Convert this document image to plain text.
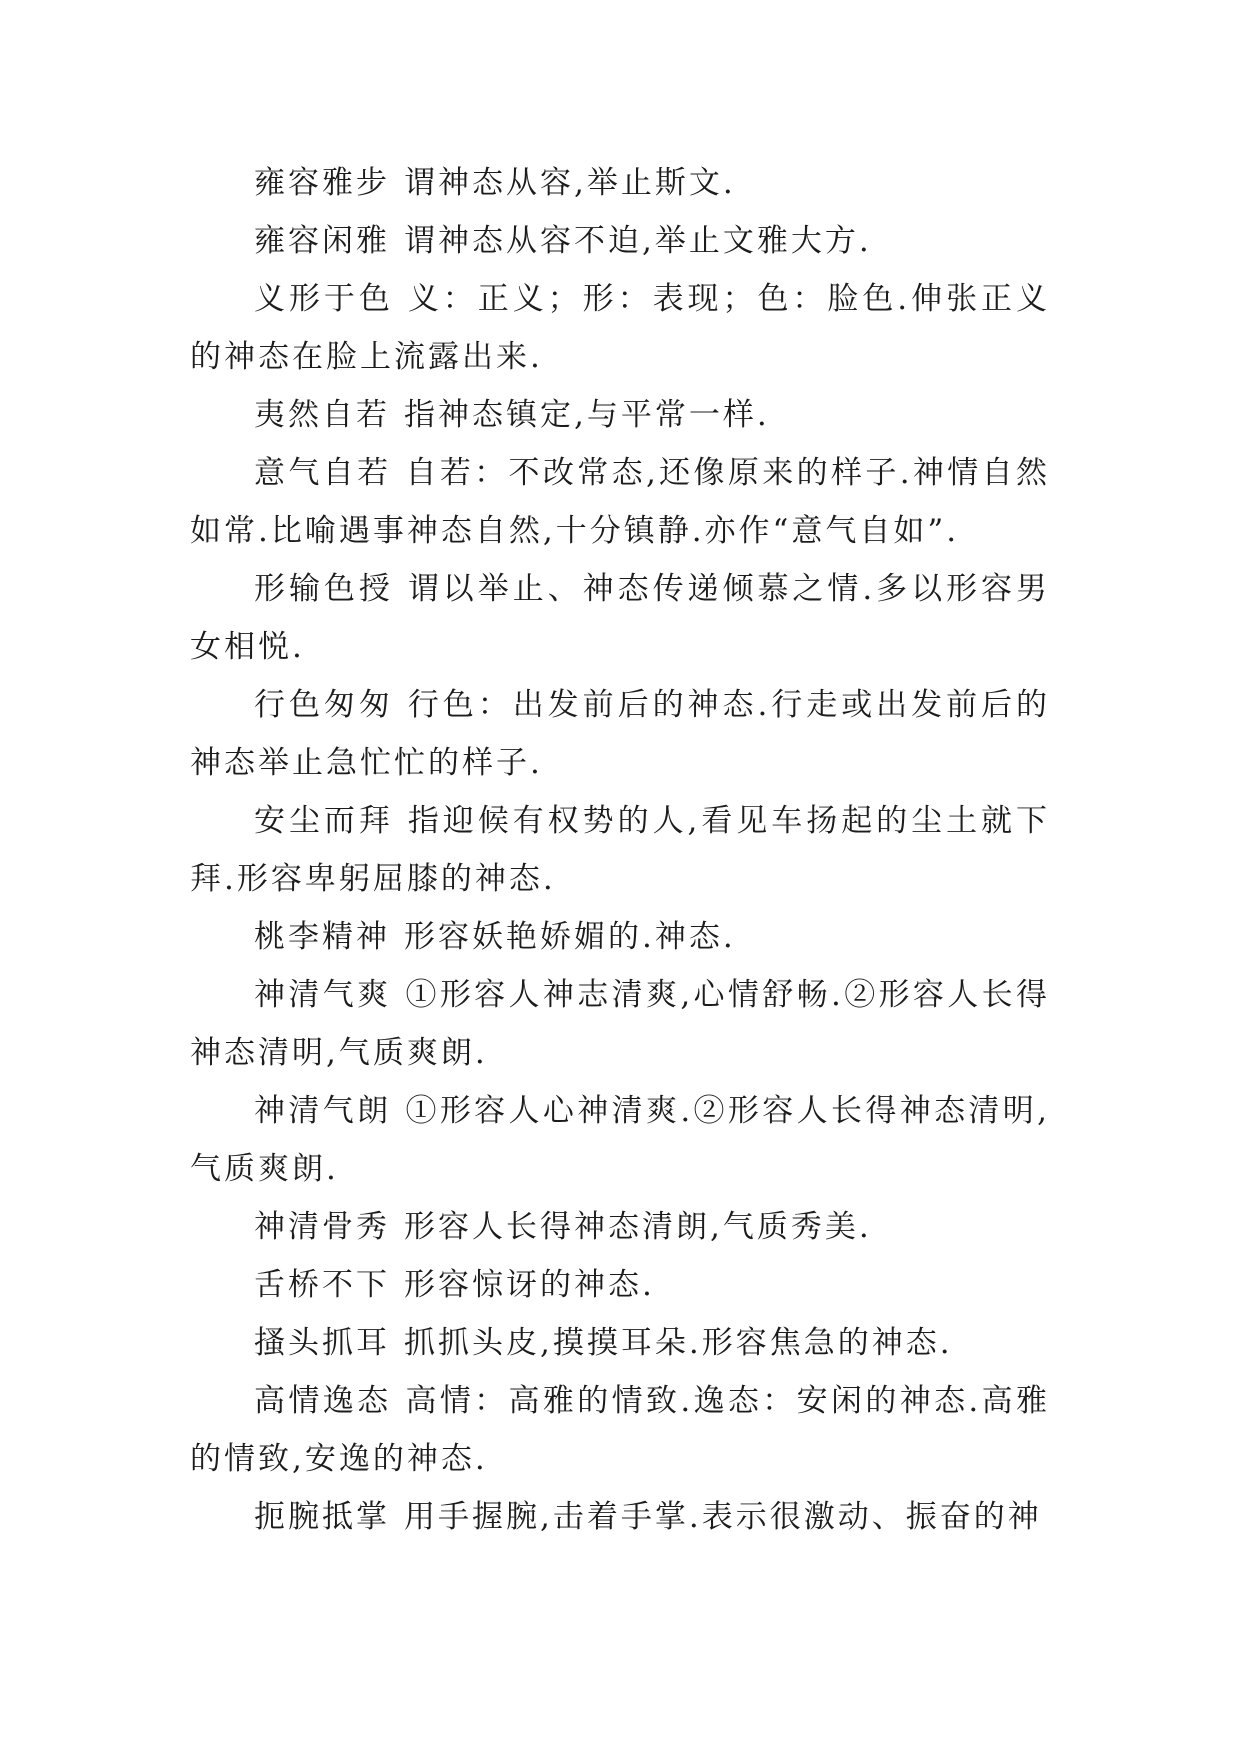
雍容雅步 谓神态从容,举止斯文.

雍容闲雅 谓神态从容不迫,举止文雅大方.

义形于色 义：正义；形：表现；色：脸色.伸张正义的神态在脸上流露出来.

夷然自若 指神态镇定,与平常一样.

意气自若 自若：不改常态,还像原来的样子.神情自然如常.比喻遇事神态自然,十分镇静.亦作“意气自如”.

形输色授 谓以举止、神态传递倾慕之情.多以形容男女相悦.

行色匆匆 行色：出发前后的神态.行走或出发前后的神态举止急忙忙的样子.

安尘而拜 指迎候有权势的人,看见车扬起的尘土就下拜.形容卑躬屈膝的神态.

桃李精神 形容妖艳娇媚的.神态.

神清气爽 ①形容人神志清爽,心情舒畅.②形容人长得神态清明,气质爽朗.

神清气朗 ①形容人心神清爽.②形容人长得神态清明,气质爽朗.

神清骨秀 形容人长得神态清朗,气质秀美.

舌桥不下 形容惊讶的神态.

搔头抓耳 抓抓头皮,摸摸耳朵.形容焦急的神态.

高情逸态 高情：高雅的情致.逸态：安闲的神态.高雅的情致,安逸的神态.

扼腕抵掌 用手握腕,击着手掌.表示很激动、振奋的神
